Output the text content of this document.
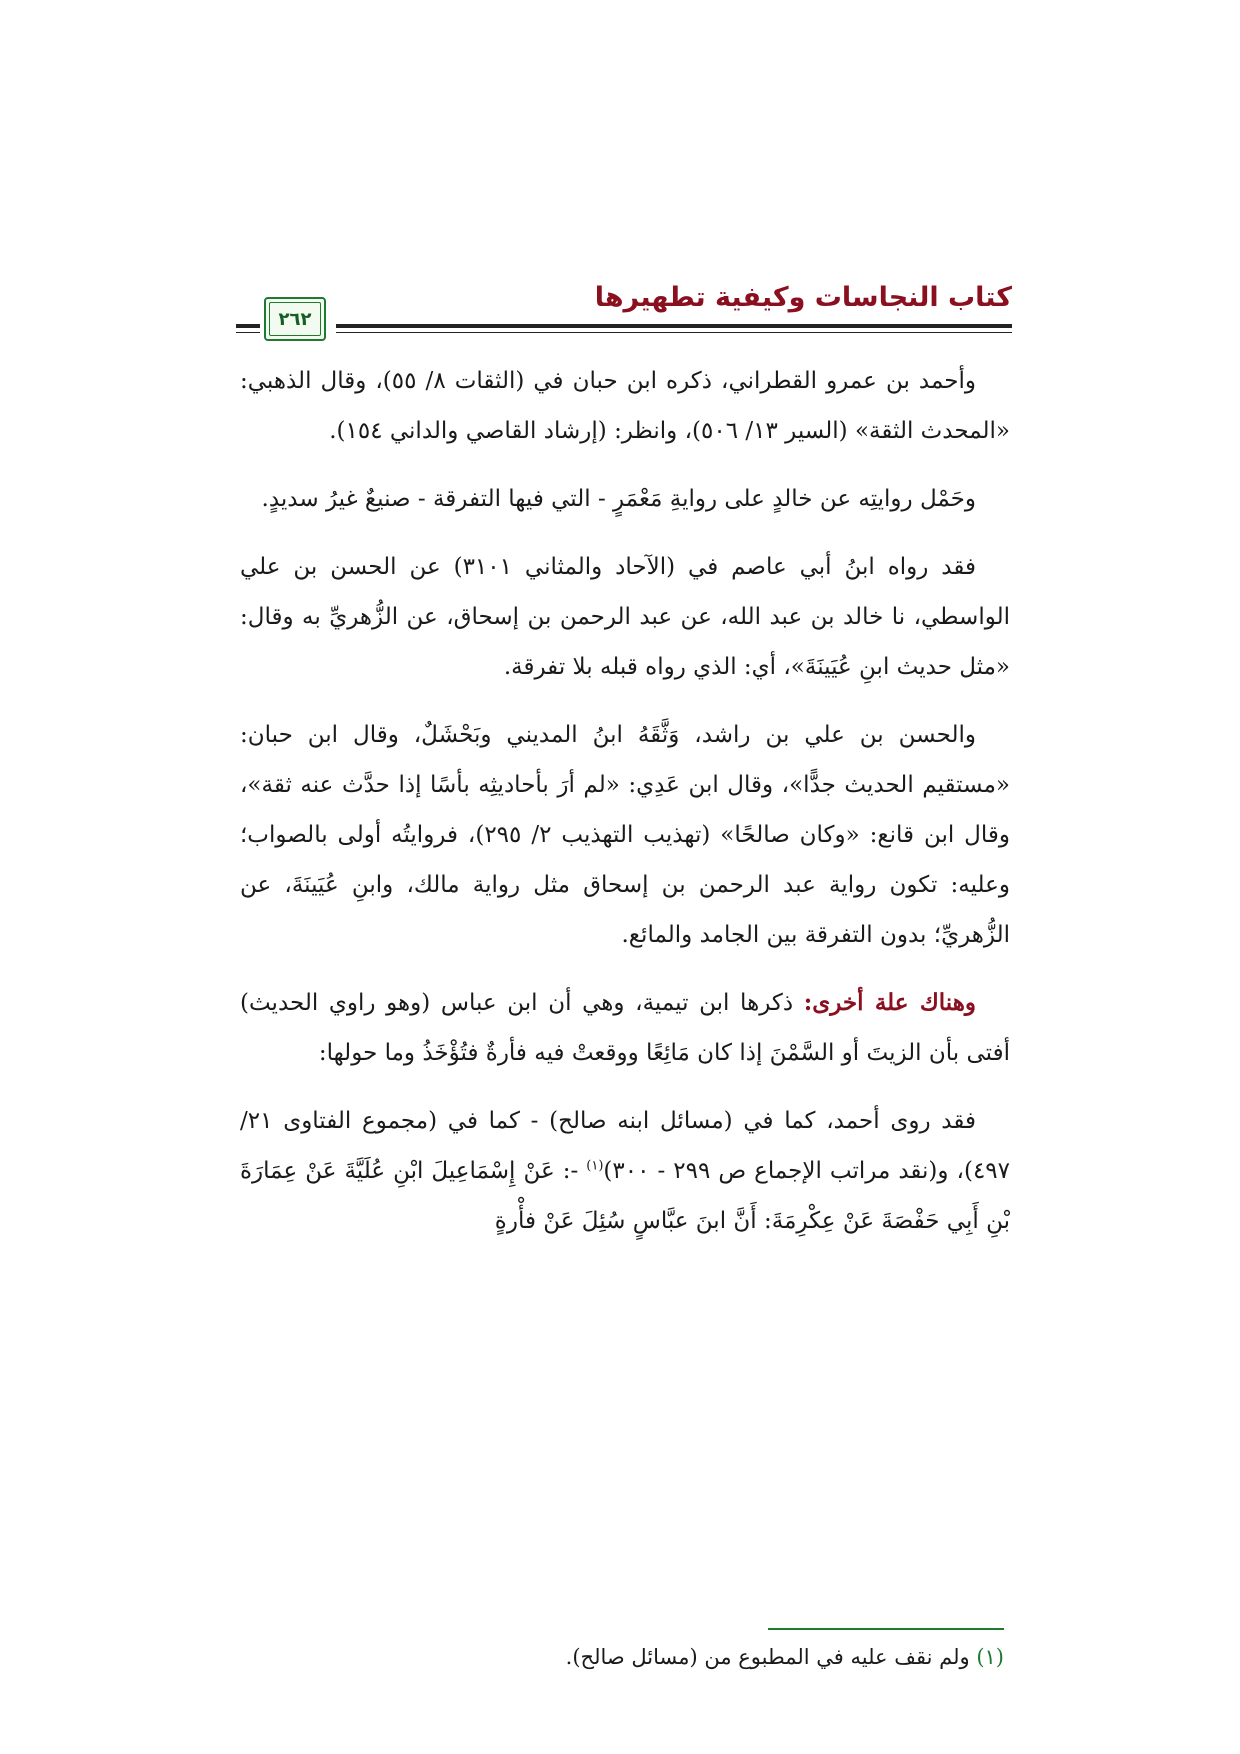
كتاب النجاسات وكيفية تطهيرها
٢٦٢

وأحمد بن عمرو القطراني، ذكره ابن حبان في (الثقات ٨/ ٥٥)، وقال الذهبي: «المحدث الثقة» (السير ١٣/ ٥٠٦)، وانظر: (إرشاد القاصي والداني ١٥٤).

وحَمْل روايتِه عن خالدٍ على روايةِ مَعْمَرٍ - التي فيها التفرقة - صنيعٌ غيرُ سديدٍ.

فقد رواه ابنُ أبي عاصم في (الآحاد والمثاني ٣١٠١) عن الحسن بن علي الواسطي، نا خالد بن عبد الله، عن عبد الرحمن بن إسحاق، عن الزُّهريِّ به وقال: «مثل حديث ابنِ عُيَينَةَ»، أي: الذي رواه قبله بلا تفرقة.

والحسن بن علي بن راشد، وَثَّقَهُ ابنُ المديني وبَحْشَلٌ، وقال ابن حبان: «مستقيم الحديث جدًّا»، وقال ابن عَدِي: «لم أرَ بأحاديثِه بأسًا إذا حدَّث عنه ثقة»، وقال ابن قانع: «وكان صالحًا» (تهذيب التهذيب ٢/ ٢٩٥)، فروايتُه أولى بالصواب؛ وعليه: تكون رواية عبد الرحمن بن إسحاق مثل رواية مالك، وابنِ عُيَينَةَ، عن الزُّهريِّ؛ بدون التفرقة بين الجامد والمائع.

وهناك علة أخرى: ذكرها ابن تيمية، وهي أن ابن عباس (وهو راوي الحديث) أفتى بأن الزيتَ أو السَّمْنَ إذا كان مَائِعًا ووقعتْ فيه فأرةٌ فتُؤْخَذُ وما حولها:

فقد روى أحمد، كما في (مسائل ابنه صالح) - كما في (مجموع الفتاوى ٢١/ ٤٩٧)، و(نقد مراتب الإجماع ص ٢٩٩ - ٣٠٠)$^{(١)}$ -: عَنْ إِسْمَاعِيلَ ابْنِ عُلَيَّةَ عَنْ عِمَارَةَ بْنِ أَبِي حَفْصَةَ عَنْ عِكْرِمَةَ: أَنَّ ابنَ عبَّاسٍ سُئِلَ عَنْ فأْرةٍ

(١) ولم نقف عليه في المطبوع من (مسائل صالح).
